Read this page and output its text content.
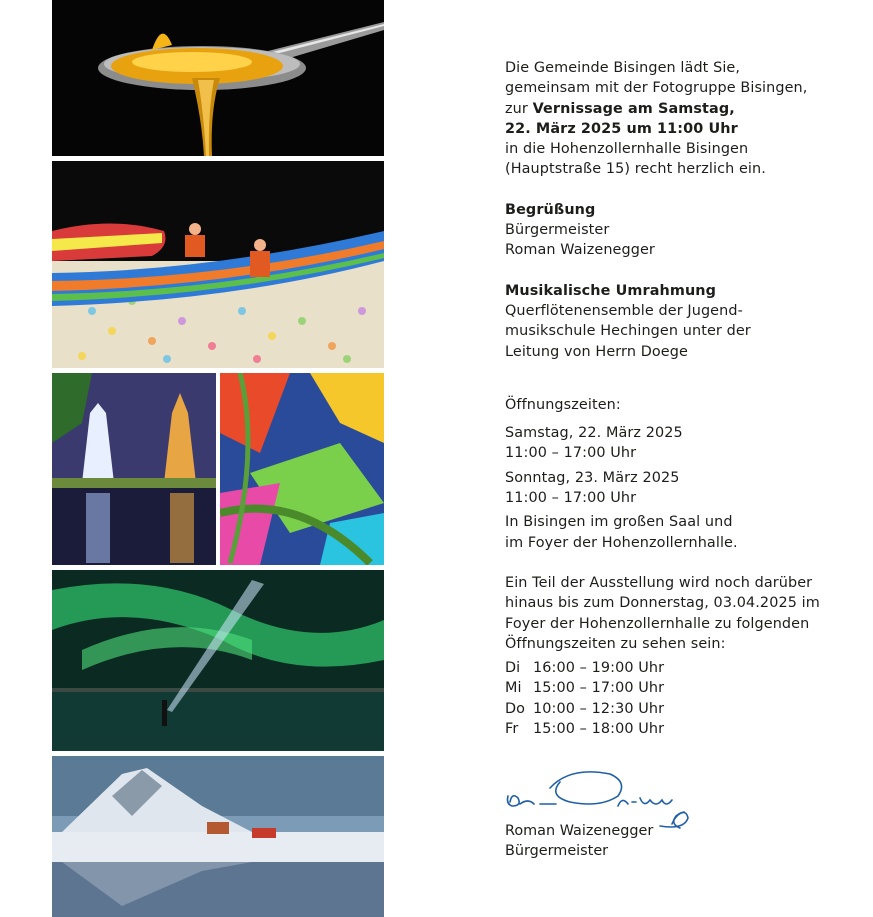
Die Gemeinde Bisingen lädt Sie,

gemeinsam mit der Fotogruppe Bisingen,

zur Vernissage am Samstag,

22. März 2025 um 11:00 Uhr

in die Hohenzollernhalle Bisingen

(Hauptstraße 15) recht herzlich ein.

Begrüßung

Bürgermeister

Roman Waizenegger

Musikalische Umrahmung

Querflötenensemble der Jugend-

musikschule Hechingen unter der

Leitung von Herrn Doege

Öffnungszeiten:

Samstag, 22. März 2025

11:00 – 17:00 Uhr

Sonntag, 23. März 2025

11:00 – 17:00 Uhr

In Bisingen im großen Saal und

im Foyer der Hohenzollernhalle.

Ein Teil der Ausstellung wird noch darüber

hinaus bis zum Donnerstag, 03.04.2025 im

Foyer der Hohenzollernhalle zu folgenden

Öffnungszeiten zu sehen sein:

Di 16:00 – 19:00 Uhr
Mi 15:00 – 17:00 Uhr
Do 10:00 – 12:30 Uhr
Fr	15:00 – 18:00 Uhr
Roman Waizenegger
Bürgermeister
